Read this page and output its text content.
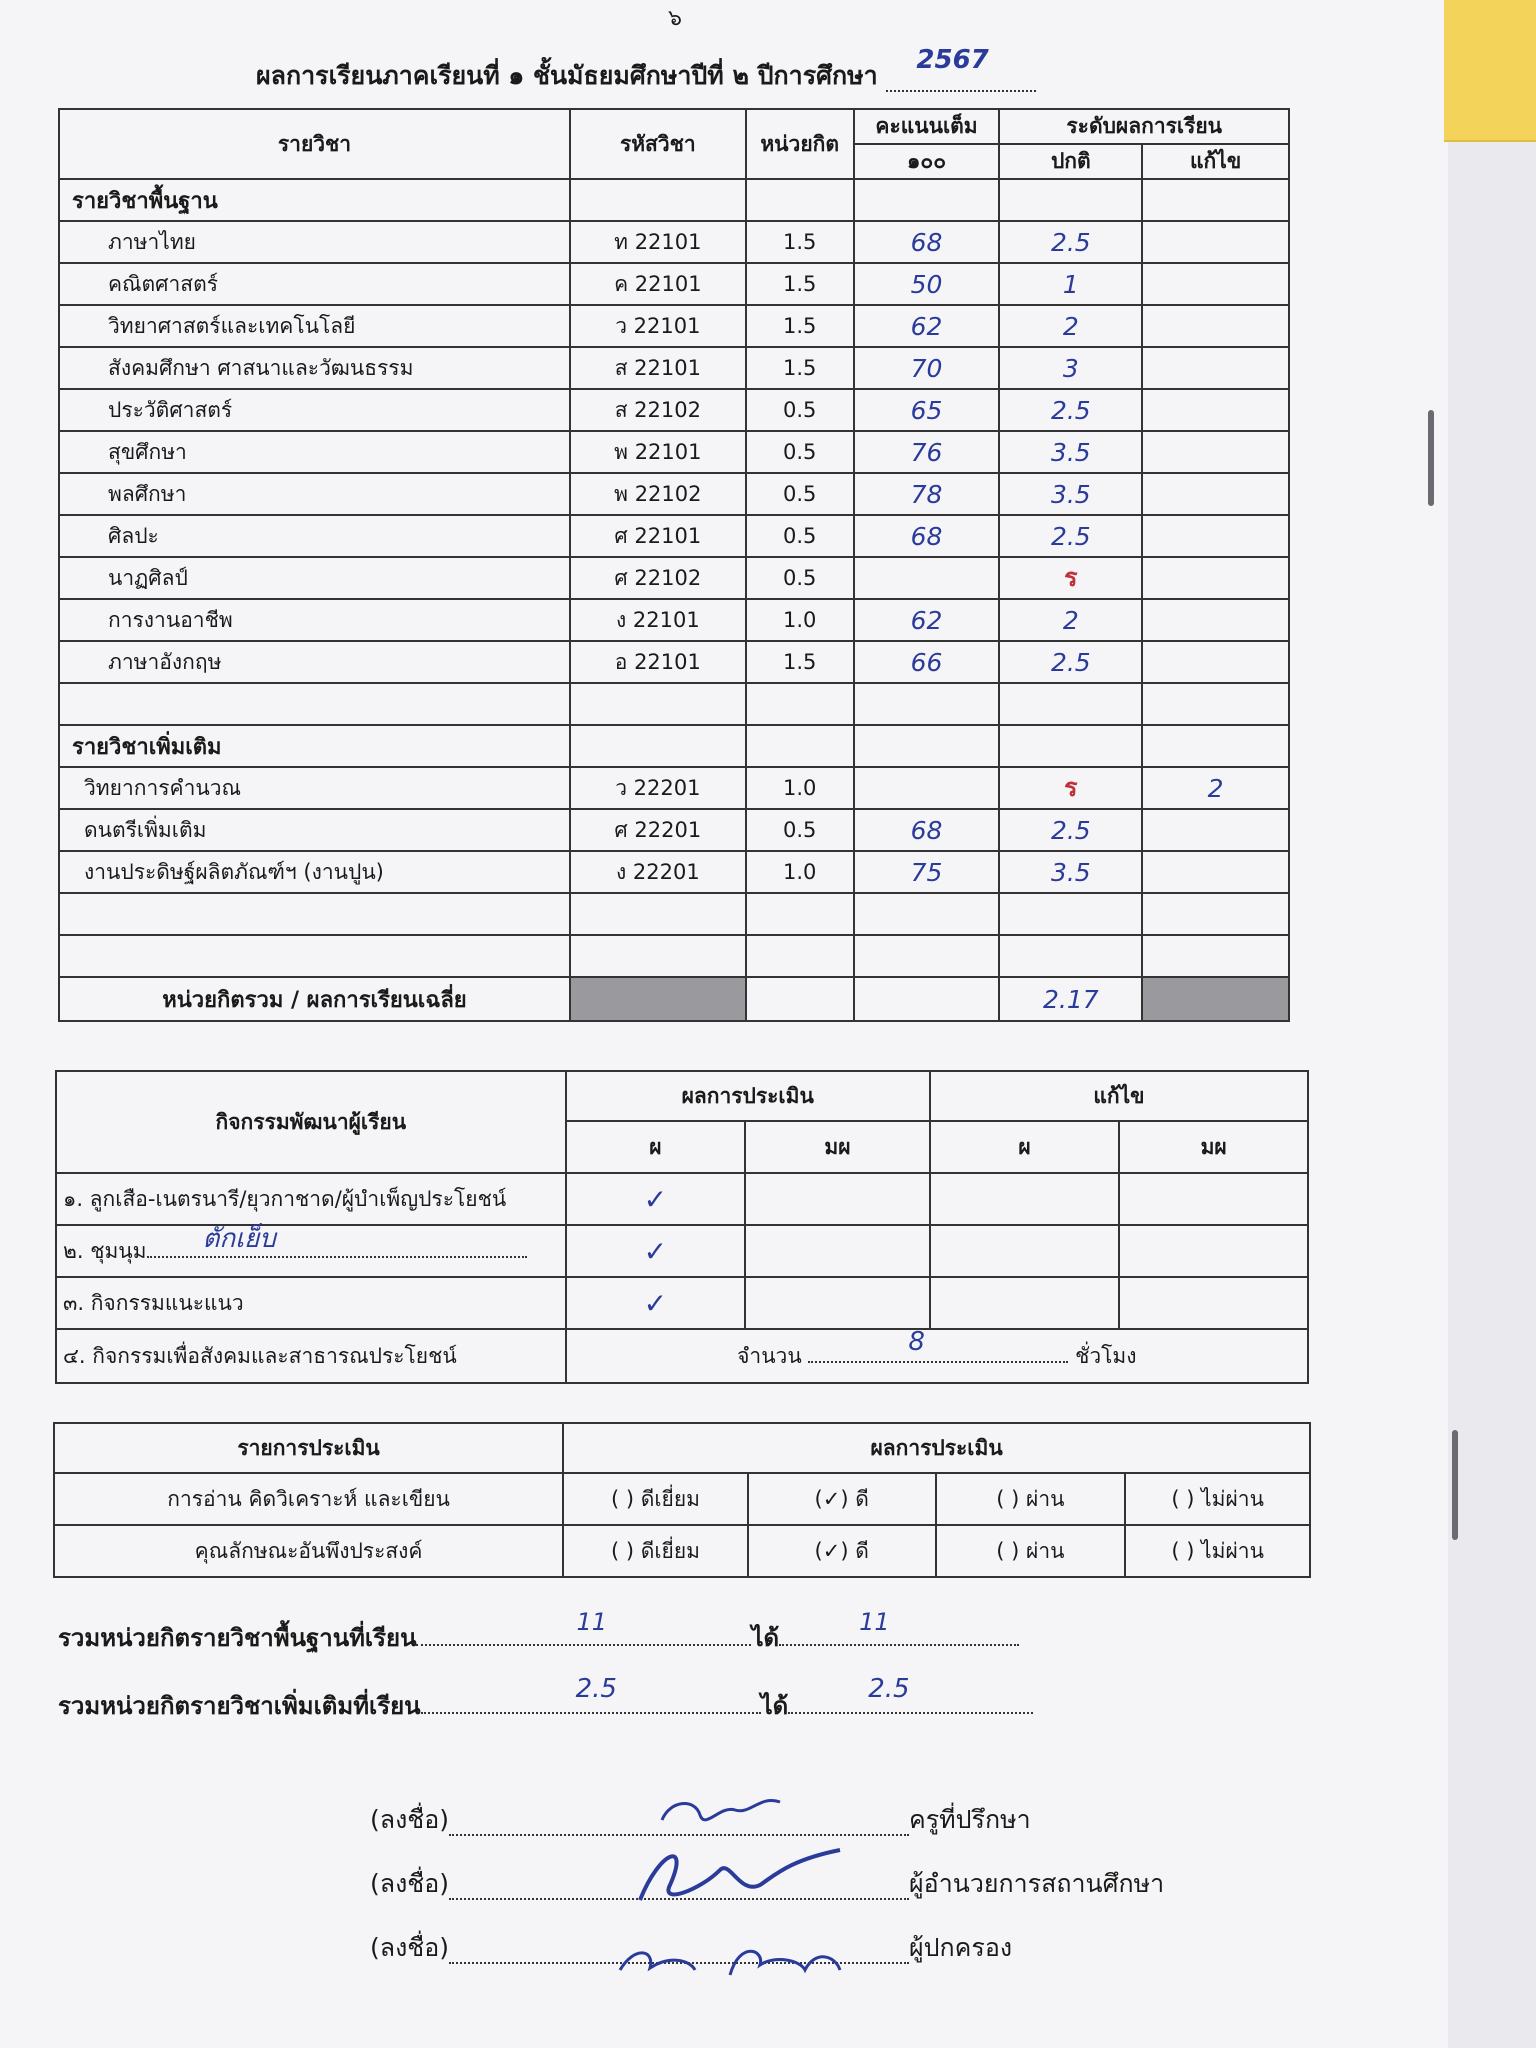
๖
ผลการเรียนภาคเรียนที่ ๑ ชั้นมัธยมศึกษาปีที่ ๒ ปีการศึกษา
2567

รายวิชา	รหัสวิชา	หน่วยกิต	คะแนนเต็ม	ระดับผลการเรียน	
			๑๐๐	ปกติ	แก้ไข
รายวิชาพื้นฐาน					
ภาษาไทย	ท 22101	1.5	68	2.5	
คณิตศาสตร์	ค 22101	1.5	50	1	
วิทยาศาสตร์และเทคโนโลยี	ว 22101	1.5	62	2	
สังคมศึกษา ศาสนาและวัฒนธรรม	ส 22101	1.5	70	3	
ประวัติศาสตร์	ส 22102	0.5	65	2.5	
สุขศึกษา	พ 22101	0.5	76	3.5	
พลศึกษา	พ 22102	0.5	78	3.5	
ศิลปะ	ศ 22101	0.5	68	2.5	
นาฏศิลป์	ศ 22102	0.5		ร	
การงานอาชีพ	ง 22101	1.0	62	2	
ภาษาอังกฤษ	อ 22101	1.5	66	2.5	

รายวิชาเพิ่มเติม					
วิทยาการคำนวณ	ว 22201	1.0		ร	2
ดนตรีเพิ่มเติม	ศ 22201	0.5	68	2.5	
งานประดิษฐ์ผลิตภัณฑ์ฯ (งานปูน)	ง 22201	1.0	75	3.5	

หน่วยกิตรวม / ผลการเรียนเฉลี่ย				2.17	
กิจกรรมพัฒนาผู้เรียน	ผลการประเมิน		แก้ไข	
	ผ	มผ	ผ	มผ
๑. ลูกเสือ-เนตรนารี/ยุวกาชาด/ผู้บำเพ็ญประโยชน์	✓			
๒. ชุมนุม ตักเย็บ	✓			
๓. กิจกรรมแนะแนว	✓			
๔. กิจกรรมเพื่อสังคมและสาธารณประโยชน์	จำนวน 8 ชั่วโมง			
รายการประเมิน	ผลการประเมิน			
การอ่าน คิดวิเคราะห์ และเขียน	( ) ดีเยี่ยม	(✓) ดี	( ) ผ่าน	( ) ไม่ผ่าน
คุณลักษณะอันพึงประสงค์	( ) ดีเยี่ยม	(✓) ดี	( ) ผ่าน	( ) ไม่ผ่าน
รวมหน่วยกิตรายวิชาพื้นฐานที่เรียน
11
ได้
11
รวมหน่วยกิตรายวิชาเพิ่มเติมที่เรียน
2.5
ได้
2.5
(ลงชื่อ)	ครูที่ปรึกษา
(ลงชื่อ)	ผู้อำนวยการสถานศึกษา
(ลงชื่อ)	ผู้ปกครอง
